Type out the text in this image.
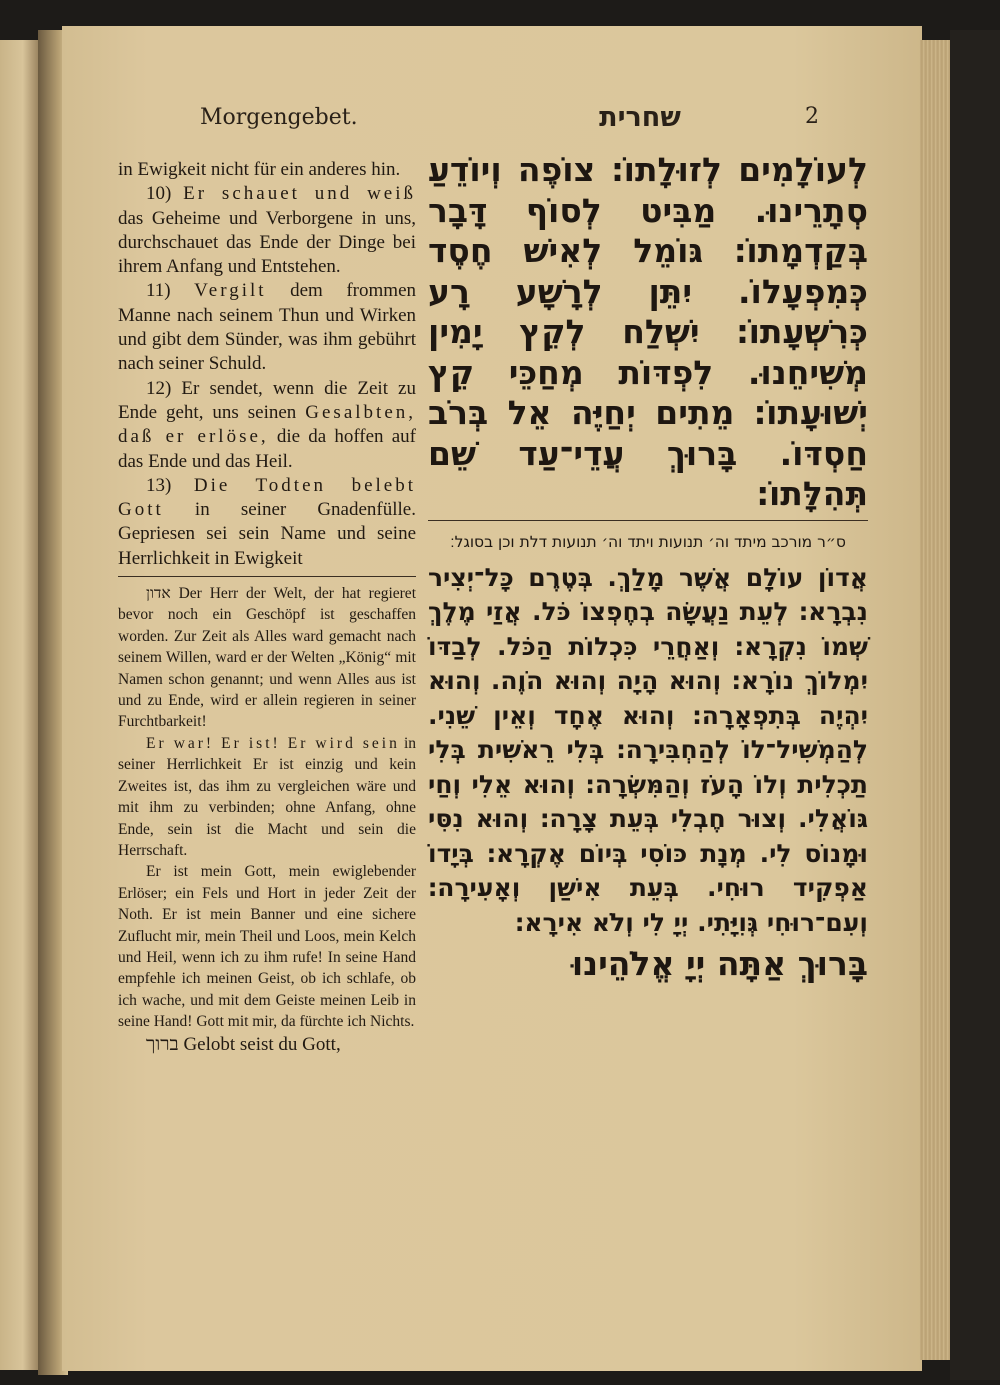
Morgengebet.	שחרית	2

in Ewigkeit nicht für ein anderes hin.

10) Er schauet und weiß das Geheime und Verborgene in uns, durchschauet das Ende der Dinge bei ihrem Anfang und Entstehen.

11) Vergilt dem frommen Manne nach seinem Thun und Wirken und gibt dem Sünder, was ihm gebührt nach seiner Schuld.

12) Er sendet, wenn die Zeit zu Ende geht, uns seinen Gesalbten, daß er erlöse, die da hoffen auf das Ende und das Heil.

13) Die Todten belebt Gott in seiner Gnadenfülle. Gepriesen sei sein Name und seine Herrlichkeit in Ewigkeit

אדון Der Herr der Welt, der hat regieret bevor noch ein Geschöpf ist geschaffen worden. Zur Zeit als Alles ward gemacht nach seinem Willen, ward er der Welten „König“ mit Namen schon genannt; und wenn Alles aus ist und zu Ende, wird er allein regieren in seiner Furchtbarkeit!

Er war! Er ist! Er wird sein in seiner Herrlichkeit Er ist einzig und kein Zweites ist, das ihm zu vergleichen wäre und mit ihm zu verbinden; ohne Anfang, ohne Ende, sein ist die Macht und sein die Herrschaft.

Er ist mein Gott, mein ewiglebender Erlöser; ein Fels und Hort in jeder Zeit der Noth. Er ist mein Banner und eine sichere Zuflucht mir, mein Theil und Loos, mein Kelch und Heil, wenn ich zu ihm rufe! In seine Hand empfehle ich meinen Geist, ob ich schlafe, ob ich wache, und mit dem Geiste meinen Leib in seine Hand! Gott mit mir, da fürchte ich Nichts.

ברוך Gelobt seist du Gott,

לְעוֹלָמִים לְזוּלָתוֹ׃ צוֹפֶה וְיוֹדֵעַ סְתָרֵינוּ. מַבִּיט לְסוֹף דָּבָר בְּקַדְמָתוֹ׃ גּוֹמֵל לְאִישׁ חֶסֶד כְּמִפְעָלוֹ. יִתֵּן לְרָשָׁע רָע כְּרִשְׁעָתוֹ׃ יִשְׁלַח לְקֵץ יָמִין מְשִׁיחֵנוּ. לִפְדּוֹת מְחַכֵּי קֵץ יְשׁוּעָתוֹ׃ מֵתִים יְחַיֶּה אֵל בְּרֹב חַסְדּוֹ. בָּרוּךְ עֲדֵי־עַד שֵׁם תְּהִלָּתוֹ׃

ס״ר מורכב מיתד וה׳ תנועות ויתד וה׳ תנועות דלת וכן בסוגל׃

אֲדוֹן עוֹלָם אֲשֶׁר מָלַךְ. בְּטֶרֶם כָּל־יְצִיר נִבְרָא׃ לְעֵת נַעֲשָׂה בְחֶפְצוֹ כֹּל. אֲזַי מֶלֶךְ שְׁמוֹ נִקְרָא׃ וְאַחֲרֵי כִּכְלוֹת הַכֹּל. לְבַדּוֹ יִמְלוֹךְ נוֹרָא׃ וְהוּא הָיָה וְהוּא הֹוֶה. וְהוּא יִהְיֶה בְּתִפְאָרָה׃ וְהוּא אֶחָד וְאֵין שֵׁנִי. לְהַמְשִׁיל־לוֹ לְהַחְבִּירָה׃ בְּלִי רֵאשִׁית בְּלִי תַכְלִית וְלוֹ הָעֹז וְהַמִּשְׂרָה׃ וְהוּא אֵלִי וְחַי גּוֹאֲלִי. וְצוּר חֶבְלִי בְּעֵת צָרָה׃ וְהוּא נִסִּי וּמָנוֹס לִי. מְנָת כּוֹסִי בְּיוֹם אֶקְרָא׃ בְּיָדוֹ אַפְקִיד רוּחִי. בְּעֵת אִישַׁן וְאָעִירָה׃ וְעִם־רוּחִי גְּוִיָּתִי. יְיָ לִי וְלֹא אִירָא׃

בָּרוּךְ אַתָּה יְיָ אֱלֹהֵינוּ
